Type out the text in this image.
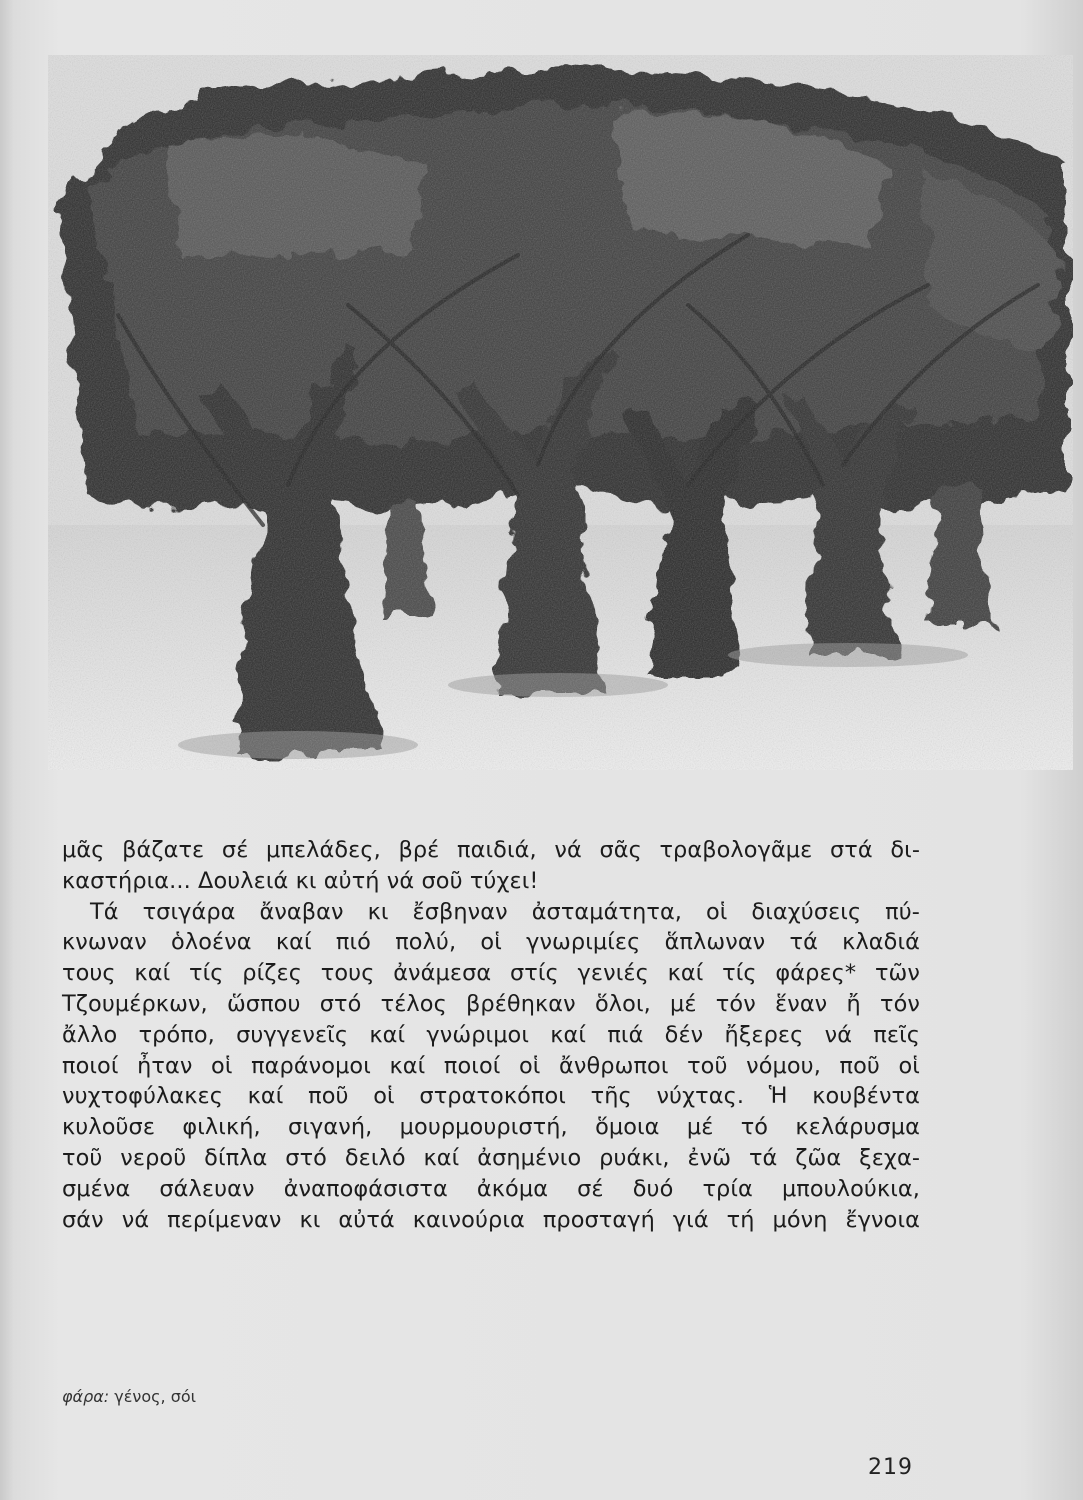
μᾶς βάζατε σέ μπελάδες, βρέ παιδιά, νά σᾶς τραβολογᾶμε στά δι-
καστήρια... Δουλειά κι αὐτή νά σοῦ τύχει!
Τά τσιγάρα ἄναβαν κι ἔσβηναν ἀσταμάτητα, οἱ διαχύσεις πύ-
κνωναν ὁλοένα καί πιό πολύ, οἱ γνωριμίες ἅπλωναν τά κλαδιά
τους καί τίς ρίζες τους ἀνάμεσα στίς γενιές καί τίς φάρες* τῶν
Τζουμέρκων, ὥσπου στό τέλος βρέθηκαν ὅλοι, μέ τόν ἕναν ἤ τόν
ἄλλο τρόπο, συγγενεῖς καί γνώριμοι καί πιά δέν ἤξερες νά πεῖς
ποιοί ἦταν οἱ παράνομοι καί ποιοί οἱ ἄνθρωποι τοῦ νόμου, ποῦ οἱ
νυχτοφύλακες καί ποῦ οἱ στρατοκόποι τῆς νύχτας. Ἡ κουβέντα
κυλοῦσε φιλική, σιγανή, μουρμουριστή, ὅμοια μέ τό κελάρυσμα
τοῦ νεροῦ δίπλα στό δειλό καί ἀσημένιο ρυάκι, ἐνῶ τά ζῶα ξεχα-
σμένα σάλευαν ἀναποφάσιστα ἀκόμα σέ δυό τρία μπουλούκια,
σάν νά περίμεναν κι αὐτά καινούρια προσταγή γιά τή μόνη ἔγνοια
φάρα: γένος, σόι
219
